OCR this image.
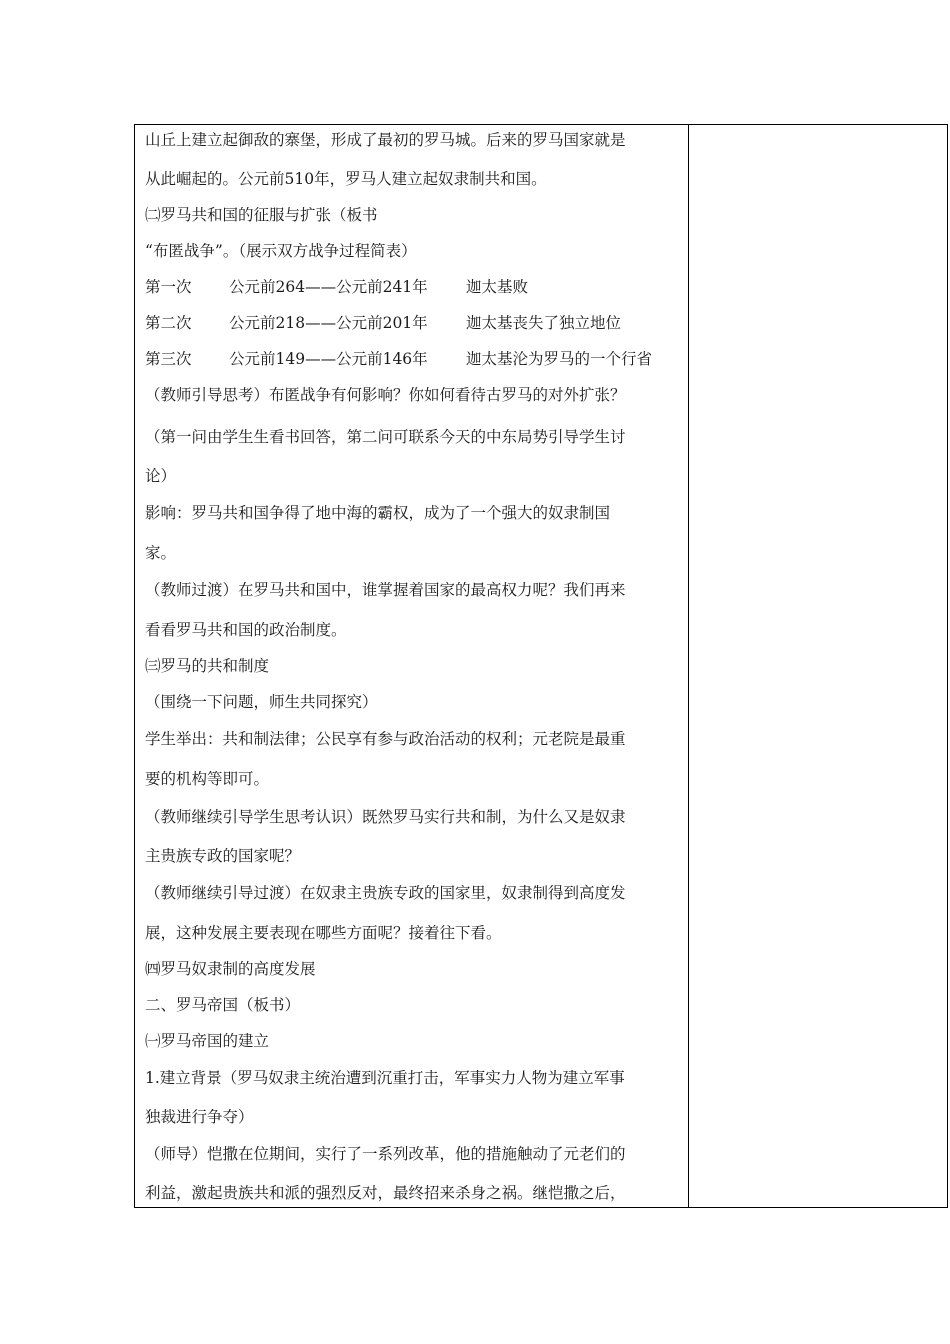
山丘上建立起御敌的寨堡，形成了最初的罗马城。后来的罗马国家就是
从此崛起的。公元前510年，罗马人建立起奴隶制共和国。
㈡罗马共和国的征服与扩张（板书
“布匿战争”。（展示双方战争过程简表）
第一次 公元前264——公元前241年 迦太基败
第二次 公元前218——公元前201年 迦太基丧失了独立地位
第三次 公元前149——公元前146年 迦太基沦为罗马的一个行省
（教师引导思考）布匿战争有何影响？你如何看待古罗马的对外扩张？
（第一问由学生生看书回答，第二问可联系今天的中东局势引导学生讨
论）
影响：罗马共和国争得了地中海的霸权，成为了一个强大的奴隶制国
家。
（教师过渡）在罗马共和国中，谁掌握着国家的最高权力呢？我们再来
看看罗马共和国的政治制度。
㈢罗马的共和制度
（围绕一下问题，师生共同探究）
学生举出：共和制法律；公民享有参与政治活动的权利；元老院是最重
要的机构等即可。
（教师继续引导学生思考认识）既然罗马实行共和制，为什么又是奴隶
主贵族专政的国家呢？
（教师继续引导过渡）在奴隶主贵族专政的国家里，奴隶制得到高度发
展，这种发展主要表现在哪些方面呢？接着往下看。
㈣罗马奴隶制的高度发展
二、罗马帝国（板书）
㈠罗马帝国的建立
1.建立背景（罗马奴隶主统治遭到沉重打击，军事实力人物为建立军事
独裁进行争夺）
（师导）恺撒在位期间，实行了一系列改革，他的措施触动了元老们的
利益，激起贵族共和派的强烈反对，最终招来杀身之祸。继恺撒之后，
